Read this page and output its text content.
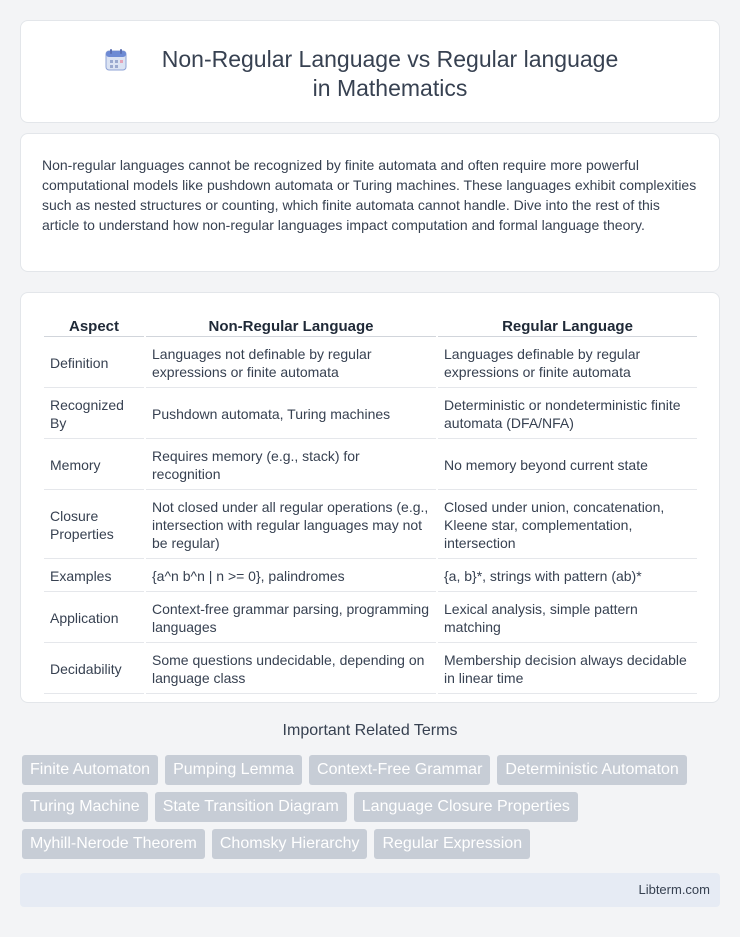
Non-Regular Language vs Regular language in Mathematics

Non-regular languages cannot be recognized by finite automata and often require more powerful computational models like pushdown automata or Turing machines. These languages exhibit complexities such as nested structures or counting, which finite automata cannot handle. Dive into the rest of this article to understand how non-regular languages impact computation and formal language theory.

Aspect	Non-Regular Language	Regular Language
Definition	Languages not definable by regular expressions or finite automata	Languages definable by regular expressions or finite automata
Recognized By	Pushdown automata, Turing machines	Deterministic or nondeterministic finite automata (DFA/NFA)
Memory	Requires memory (e.g., stack) for recognition	No memory beyond current state
Closure Properties	Not closed under all regular operations (e.g., intersection with regular languages may not be regular)	Closed under union, concatenation, Kleene star, complementation, intersection
Examples	{a^n b^n | n >= 0}, palindromes	{a, b}*, strings with pattern (ab)*
Application	Context-free grammar parsing, programming languages	Lexical analysis, simple pattern matching
Decidability	Some questions undecidable, depending on language class	Membership decision always decidable in linear time
Important Related Terms
Finite Automaton	Pumping Lemma	Context-Free Grammar	Deterministic Automaton
Turing Machine	State Transition Diagram	Language Closure Properties
Myhill-Nerode Theorem	Chomsky Hierarchy	Regular Expression
Libterm.com
